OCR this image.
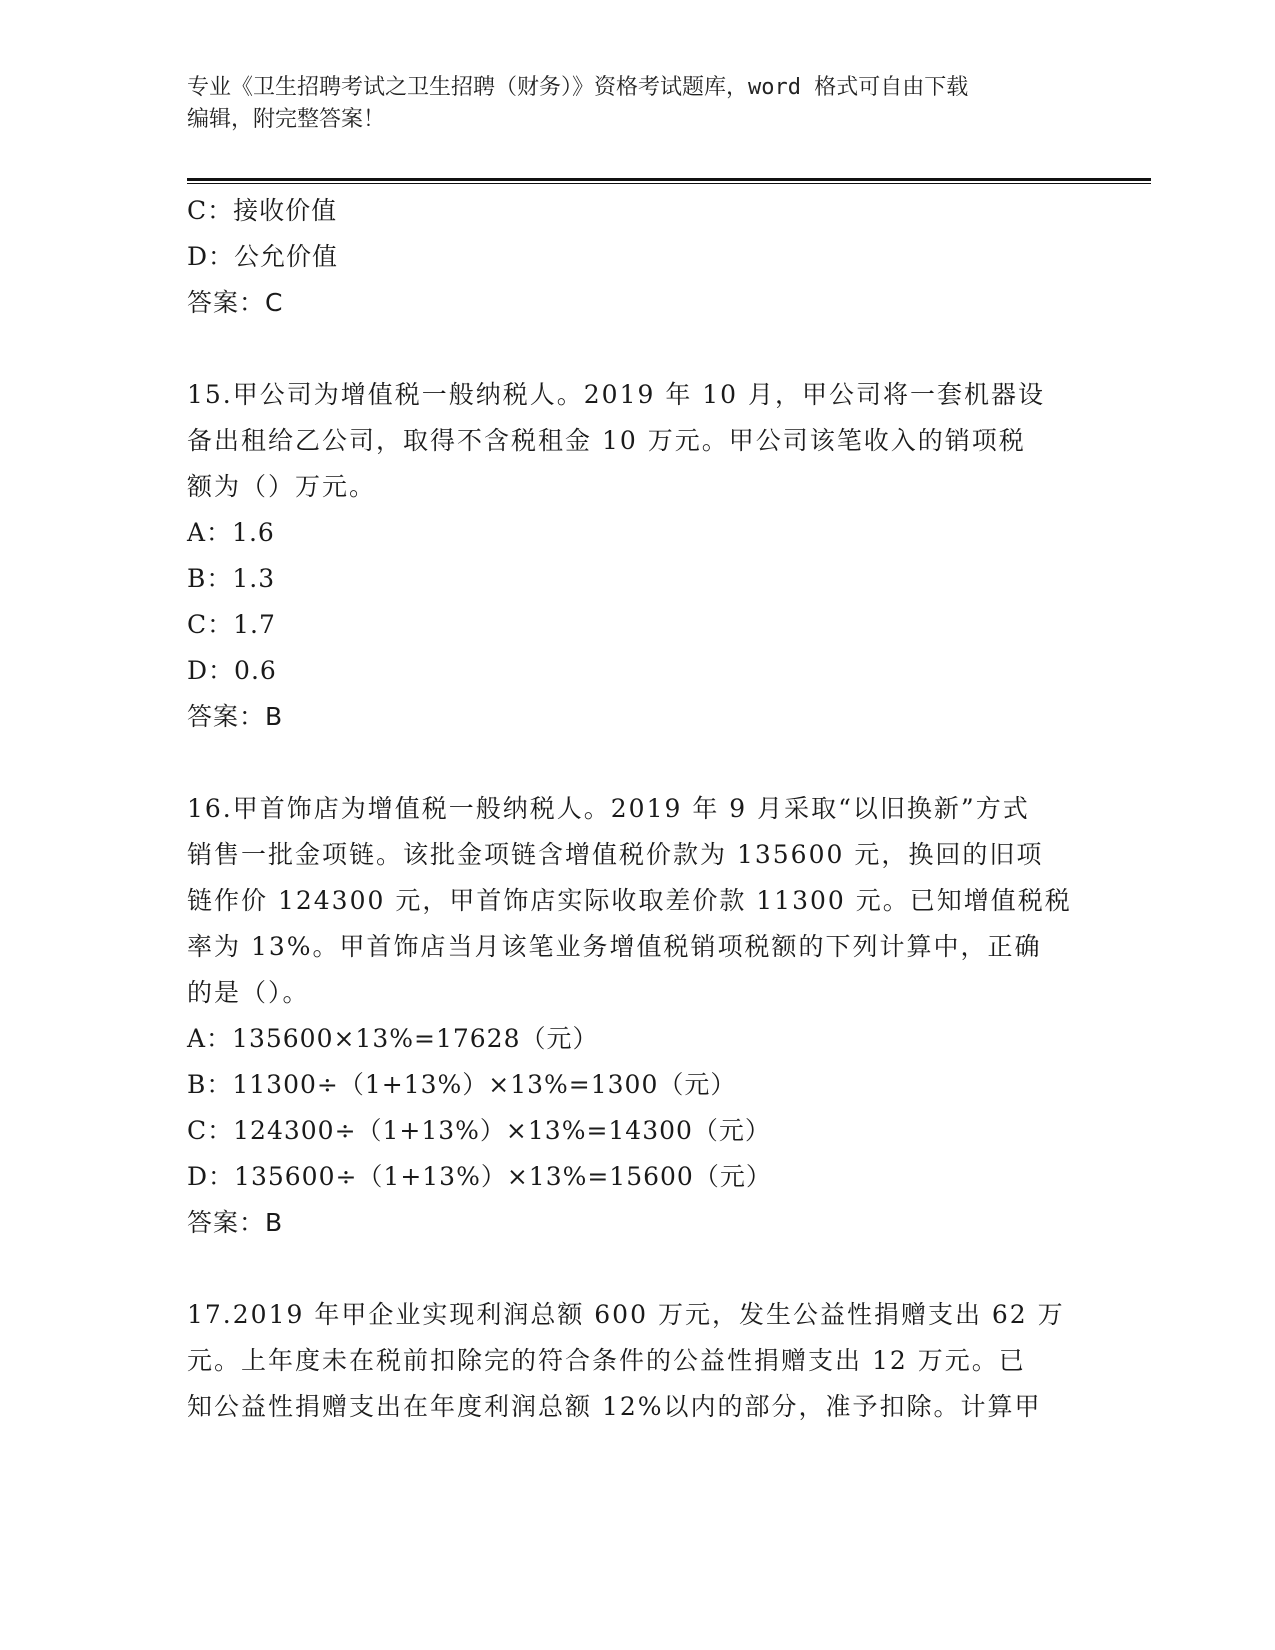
专业《卫生招聘考试之卫生招聘（财务）》资格考试题库，word 格式可自由下载
编辑，附完整答案！
C：接收价值
D：公允价值
答案：C
15.甲公司为增值税一般纳税人。2019 年 10 月，甲公司将一套机器设
备出租给乙公司，取得不含税租金 10 万元。甲公司该笔收入的销项税
额为（）万元。
A：1.6
B：1.3
C：1.7
D：0.6
答案：B
16.甲首饰店为增值税一般纳税人。2019 年 9 月采取“以旧换新”方式
销售一批金项链。该批金项链含增值税价款为 135600 元，换回的旧项
链作价 124300 元，甲首饰店实际收取差价款 11300 元。已知增值税税
率为 13%。甲首饰店当月该笔业务增值税销项税额的下列计算中，正确
的是（）。
A：135600×13%=17628（元）
B：11300÷（1+13%）×13%=1300（元）
C：124300÷（1+13%）×13%=14300（元）
D：135600÷（1+13%）×13%=15600（元）
答案：B
17.2019 年甲企业实现利润总额 600 万元，发生公益性捐赠支出 62 万
元。上年度未在税前扣除完的符合条件的公益性捐赠支出 12 万元。已
知公益性捐赠支出在年度利润总额 12%以内的部分，准予扣除。计算甲
